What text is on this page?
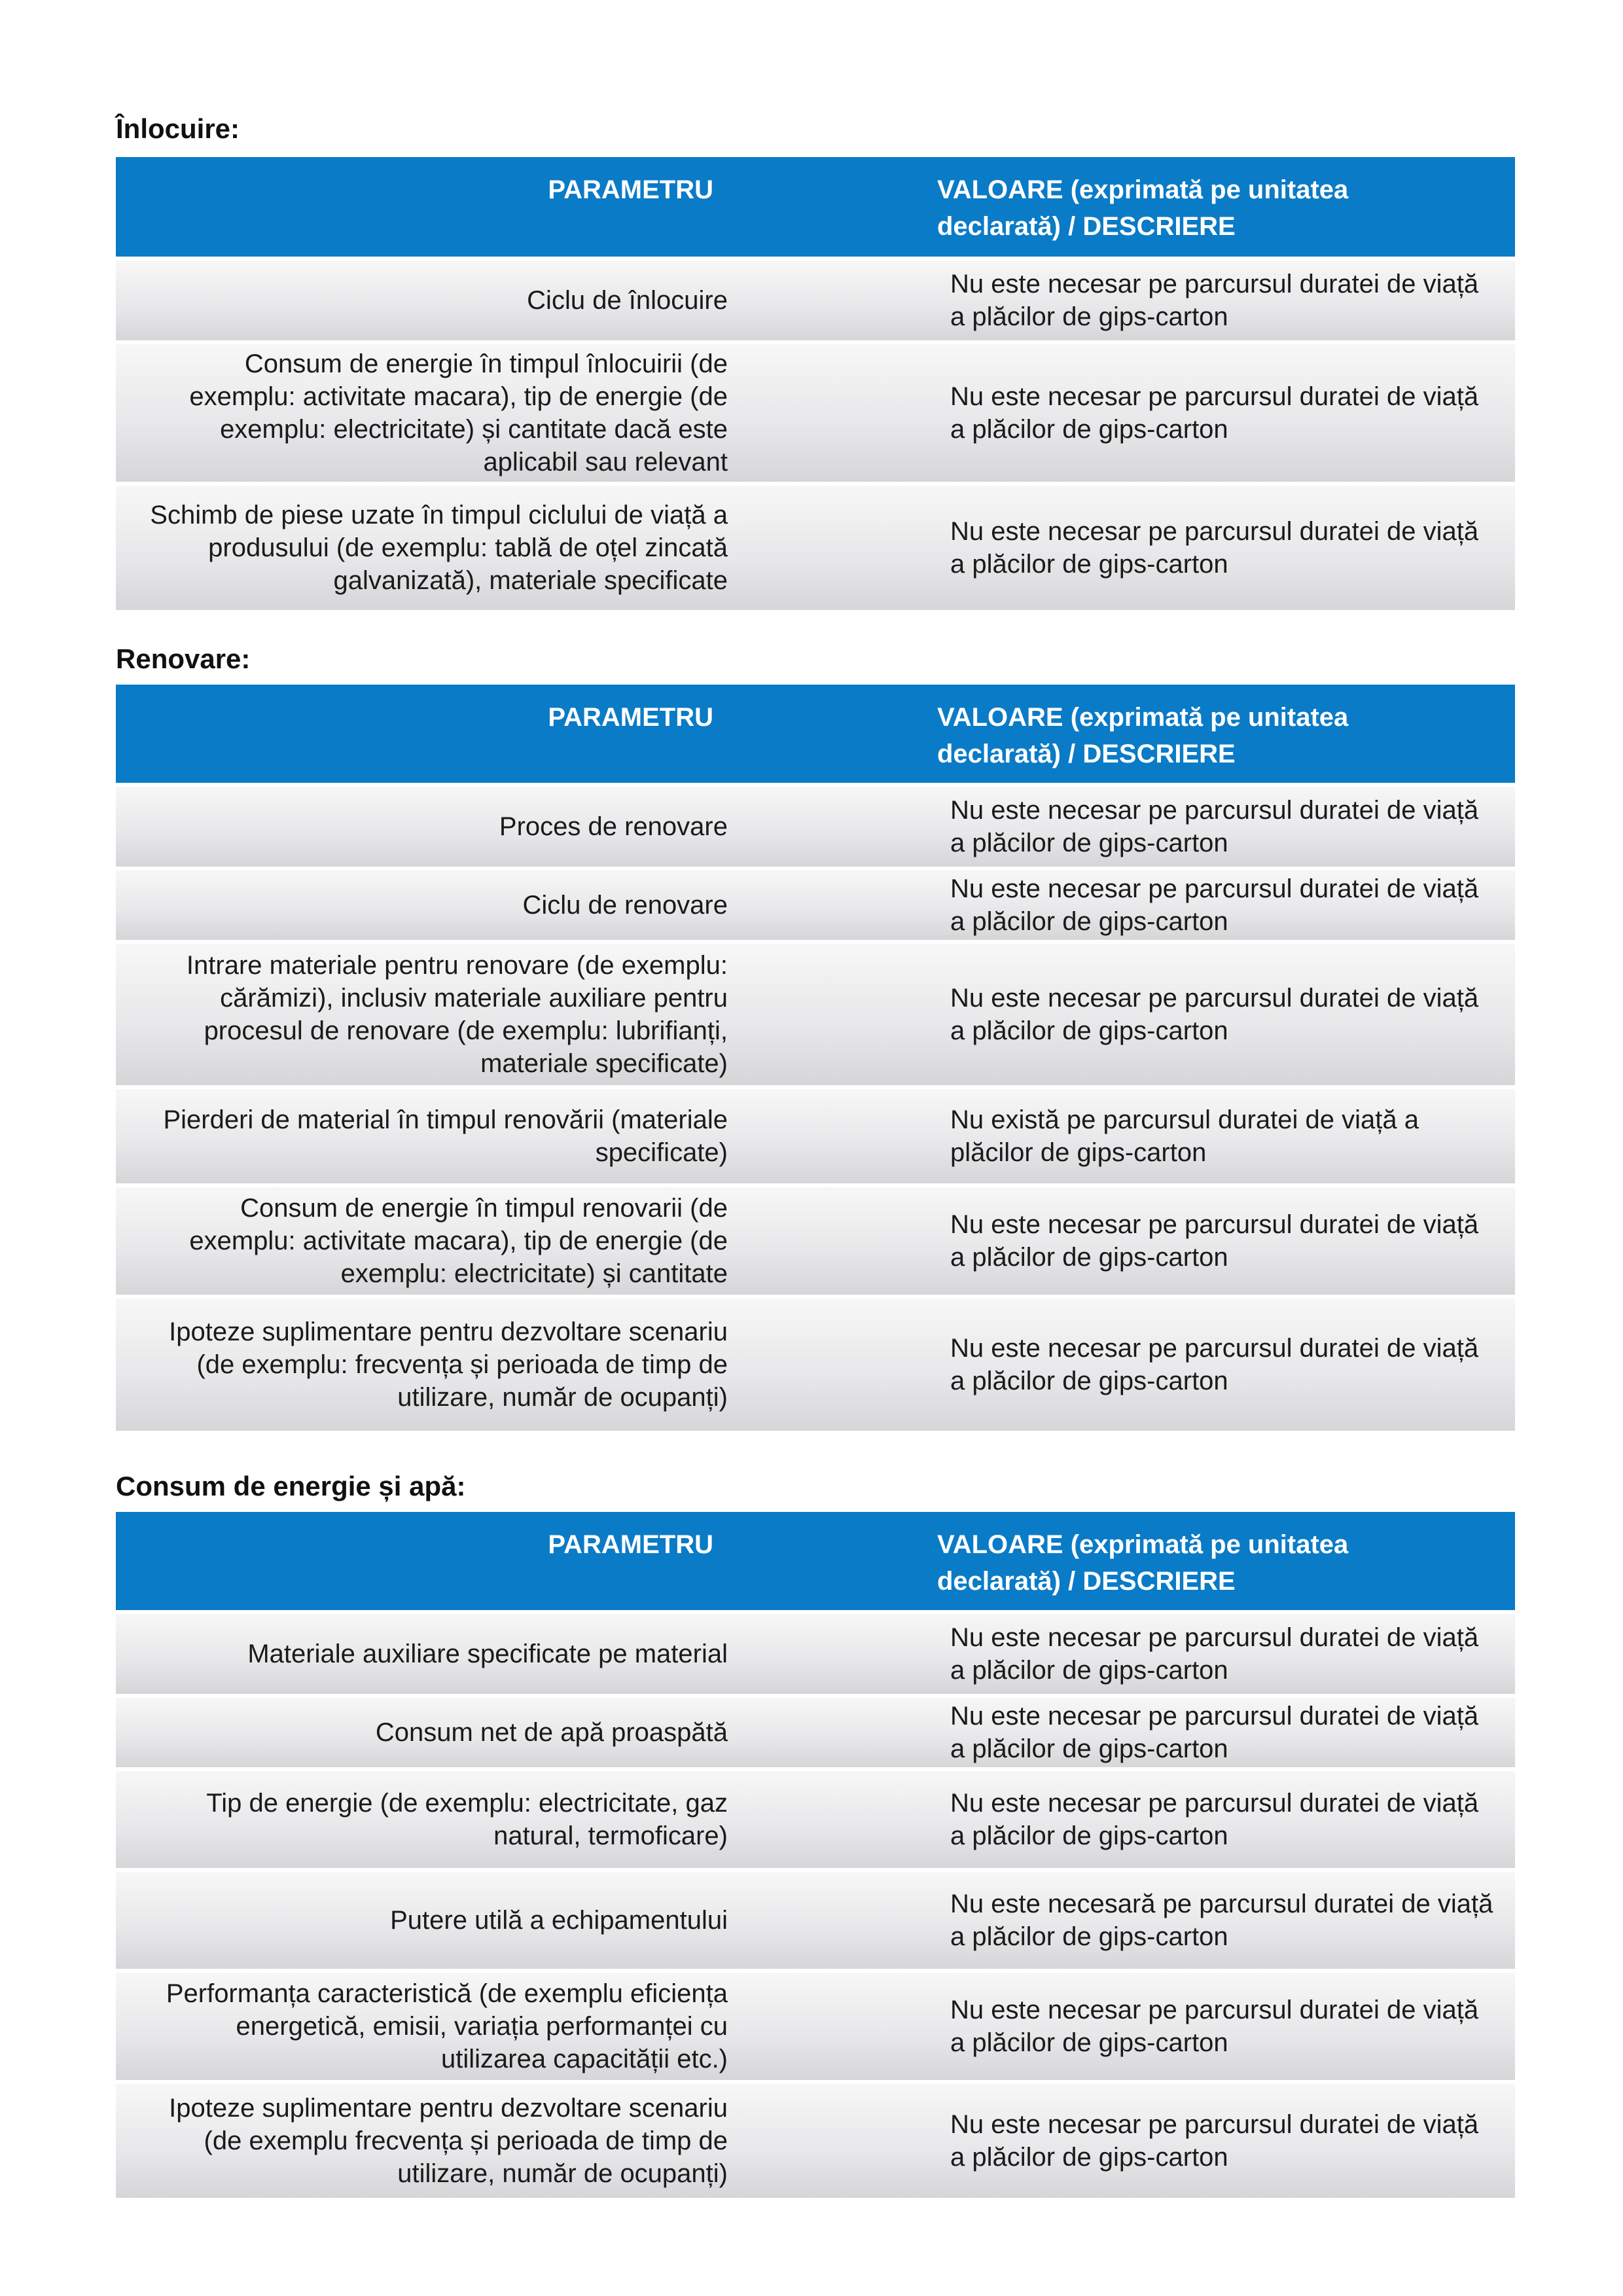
Înlocuire:
PARAMETRU	VALOARE (exprimată pe unitatea declarată) / DESCRIERE
Ciclu de înlocuire	Nu este necesar pe parcursul duratei de viață a plăcilor de gips-carton
Consum de energie în timpul înlocuirii (de exemplu: activitate macara), tip de energie (de exemplu: electricitate) și cantitate dacă este aplicabil sau relevant	Nu este necesar pe parcursul duratei de viață a plăcilor de gips-carton
Schimb de piese uzate în timpul ciclului de viață a produsului (de exemplu: tablă de oțel zincată galvanizată), materiale specificate	Nu este necesar pe parcursul duratei de viață a plăcilor de gips-carton
Renovare:
PARAMETRU	VALOARE (exprimată pe unitatea declarată) / DESCRIERE
Proces de renovare	Nu este necesar pe parcursul duratei de viață a plăcilor de gips-carton
Ciclu de renovare	Nu este necesar pe parcursul duratei de viață a plăcilor de gips-carton
Intrare materiale pentru renovare (de exemplu: cărămizi), inclusiv materiale auxiliare pentru procesul de renovare (de exemplu: lubrifianți, materiale specificate)	Nu este necesar pe parcursul duratei de viață a plăcilor de gips-carton
Pierderi de material în timpul renovării (materiale specificate)	Nu există pe parcursul duratei de viață a plăcilor de gips-carton
Consum de energie în timpul renovarii (de exemplu: activitate macara), tip de energie (de exemplu: electricitate) și cantitate	Nu este necesar pe parcursul duratei de viață a plăcilor de gips-carton
Ipoteze suplimentare pentru dezvoltare scenariu (de exemplu: frecvența și perioada de timp de utilizare, număr de ocupanți)	Nu este necesar pe parcursul duratei de viață a plăcilor de gips-carton
Consum de energie și apă:
PARAMETRU	VALOARE (exprimată pe unitatea declarată) / DESCRIERE
Materiale auxiliare specificate pe material	Nu este necesar pe parcursul duratei de viață a plăcilor de gips-carton
Consum net de apă proaspătă	Nu este necesar pe parcursul duratei de viață a plăcilor de gips-carton
Tip de energie (de exemplu: electricitate, gaz natural, termoficare)	Nu este necesar pe parcursul duratei de viață a plăcilor de gips-carton
Putere utilă a echipamentului	Nu este necesară pe parcursul duratei de viață a plăcilor de gips-carton
Performanța caracteristică (de exemplu eficiența energetică, emisii, variația performanței cu utilizarea capacității etc.)	Nu este necesar pe parcursul duratei de viață a plăcilor de gips-carton
Ipoteze suplimentare pentru dezvoltare scenariu (de exemplu frecvența și perioada de timp de utilizare, număr de ocupanți)	Nu este necesar pe parcursul duratei de viață a plăcilor de gips-carton
